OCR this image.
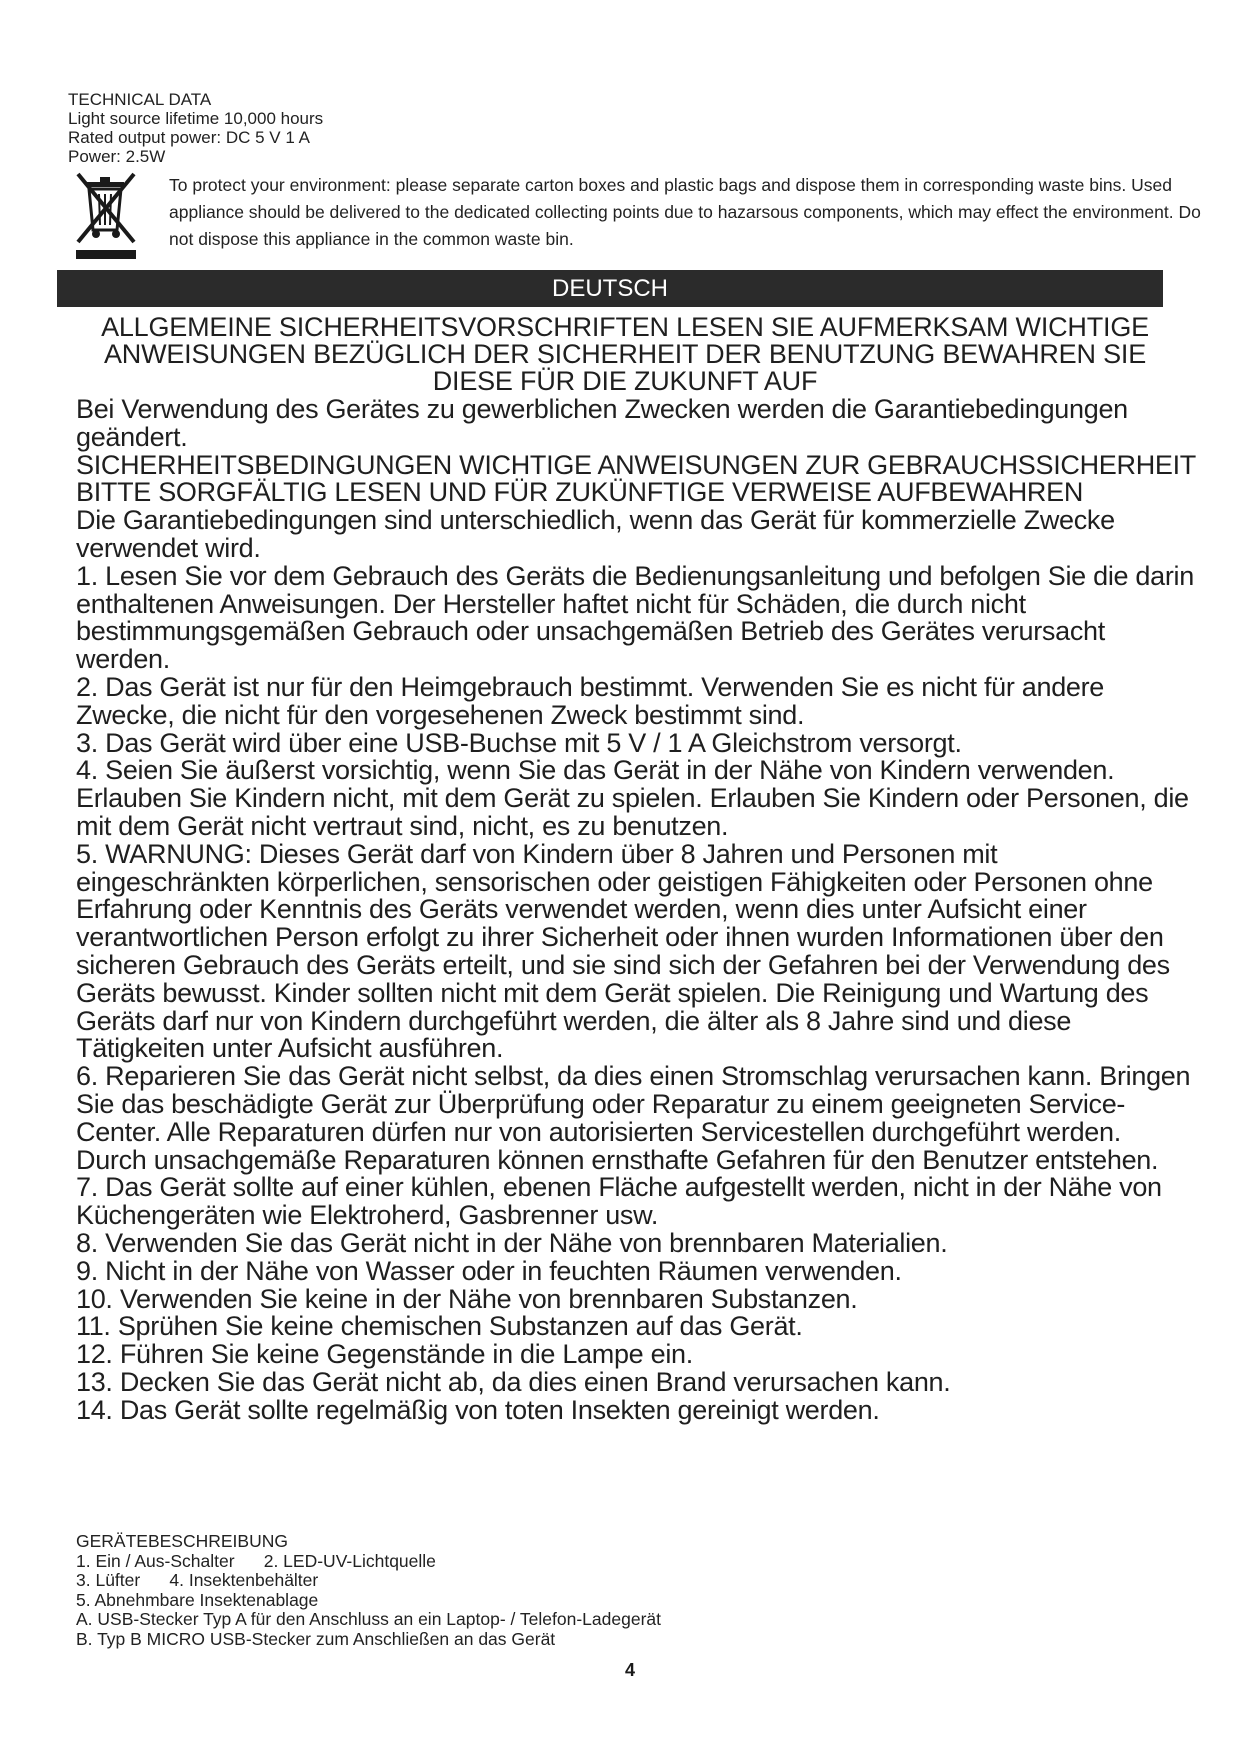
TECHNICAL DATA
Light source lifetime 10,000 hours
Rated output power: DC 5 V 1 A
Power: 2.5W
To protect your environment: please separate carton boxes and plastic bags and dispose them in corresponding waste bins. Used appliance should be delivered to the dedicated collecting points due to hazarsous components, which may effect the environment. Do not dispose this appliance in the common waste bin.
DEUTSCH
ALLGEMEINE SICHERHEITSVORSCHRIFTEN LESEN SIE AUFMERKSAM WICHTIGE ANWEISUNGEN BEZÜGLICH DER SICHERHEIT DER BENUTZUNG BEWAHREN SIE DIESE FÜR DIE ZUKUNFT AUF

Bei Verwendung des Gerätes zu gewerblichen Zwecken werden die Garantiebedingungen geändert.

SICHERHEITSBEDINGUNGEN WICHTIGE ANWEISUNGEN ZUR GEBRAUCHSSICHERHEIT

BITTE SORGFÄLTIG LESEN UND FÜR ZUKÜNFTIGE VERWEISE AUFBEWAHREN

Die Garantiebedingungen sind unterschiedlich, wenn das Gerät für kommerzielle Zwecke verwendet wird.

1. Lesen Sie vor dem Gebrauch des Geräts die Bedienungsanleitung und befolgen Sie die darin enthaltenen Anweisungen. Der Hersteller haftet nicht für Schäden, die durch nicht bestimmungsgemäßen Gebrauch oder unsachgemäßen Betrieb des Gerätes verursacht werden.

2. Das Gerät ist nur für den Heimgebrauch bestimmt. Verwenden Sie es nicht für andere Zwecke, die nicht für den vorgesehenen Zweck bestimmt sind.

3. Das Gerät wird über eine USB-Buchse mit 5 V / 1 A Gleichstrom versorgt.

4. Seien Sie äußerst vorsichtig, wenn Sie das Gerät in der Nähe von Kindern verwenden. Erlauben Sie Kindern nicht, mit dem Gerät zu spielen. Erlauben Sie Kindern oder Personen, die mit dem Gerät nicht vertraut sind, nicht, es zu benutzen.

5. WARNUNG: Dieses Gerät darf von Kindern über 8 Jahren und Personen mit eingeschränkten körperlichen, sensorischen oder geistigen Fähigkeiten oder Personen ohne Erfahrung oder Kenntnis des Geräts verwendet werden, wenn dies unter Aufsicht einer verantwortlichen Person erfolgt zu ihrer Sicherheit oder ihnen wurden Informationen über den sicheren Gebrauch des Geräts erteilt, und sie sind sich der Gefahren bei der Verwendung des Geräts bewusst. Kinder sollten nicht mit dem Gerät spielen. Die Reinigung und Wartung des Geräts darf nur von Kindern durchgeführt werden, die älter als 8 Jahre sind und diese Tätigkeiten unter Aufsicht ausführen.

6. Reparieren Sie das Gerät nicht selbst, da dies einen Stromschlag verursachen kann. Bringen Sie das beschädigte Gerät zur Überprüfung oder Reparatur zu einem geeigneten Service-Center. Alle Reparaturen dürfen nur von autorisierten Servicestellen durchgeführt werden. Durch unsachgemäße Reparaturen können ernsthafte Gefahren für den Benutzer entstehen.

7. Das Gerät sollte auf einer kühlen, ebenen Fläche aufgestellt werden, nicht in der Nähe von Küchengeräten wie Elektroherd, Gasbrenner usw.

8. Verwenden Sie das Gerät nicht in der Nähe von brennbaren Materialien.

9. Nicht in der Nähe von Wasser oder in feuchten Räumen verwenden.

10. Verwenden Sie keine in der Nähe von brennbaren Substanzen.

11. Sprühen Sie keine chemischen Substanzen auf das Gerät.

12. Führen Sie keine Gegenstände in die Lampe ein.

13. Decken Sie das Gerät nicht ab, da dies einen Brand verursachen kann.

14. Das Gerät sollte regelmäßig von toten Insekten gereinigt werden.

GERÄTEBESCHREIBUNG
1. Ein / Aus-Schalter      2. LED-UV-Lichtquelle
3. Lüfter      4. Insektenbehälter
5. Abnehmbare Insektenablage
A. USB-Stecker Typ A für den Anschluss an ein Laptop- / Telefon-Ladegerät
B. Typ B MICRO USB-Stecker zum Anschließen an das Gerät
4
